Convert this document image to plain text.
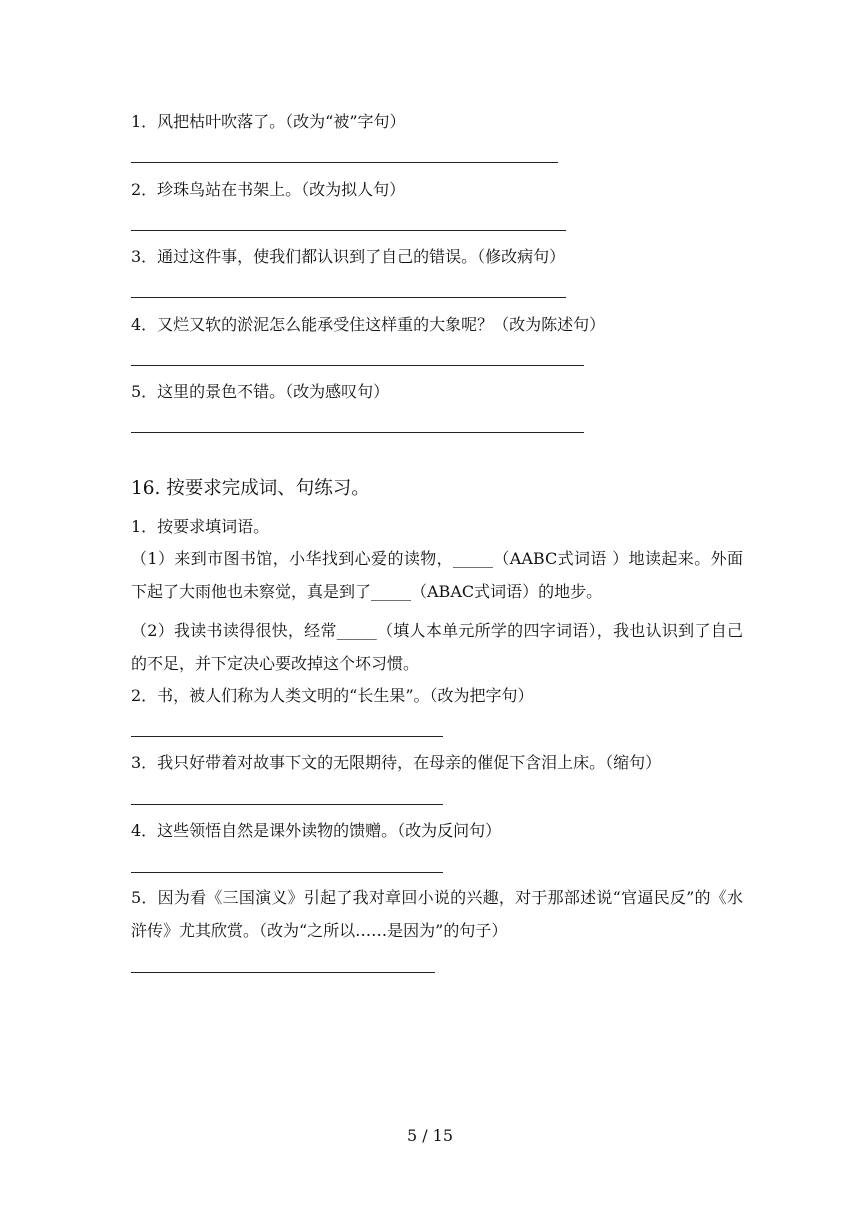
1．风把枯叶吹落了。（改为“被”字句）
2．珍珠鸟站在书架上。（改为拟人句）
3．通过这件事，使我们都认识到了自己的错误。（修改病句）
4．又烂又软的淤泥怎么能承受住这样重的大象呢？（改为陈述句）
5．这里的景色不错。（改为感叹句）
16. 按要求完成词、句练习。
1．按要求填词语。
（1）来到市图书馆，小华找到心爱的读物，_____（AABC式词语 ）地读起来。外面下起了大雨他也未察觉，真是到了_____（ABAC式词语）的地步。
（2）我读书读得很快，经常_____（填人本单元所学的四字词语），我也认识到了自己的不足，并下定决心要改掉这个坏习惯。
2．书，被人们称为人类文明的“长生果”。（改为把字句）
3．我只好带着对故事下文的无限期待，在母亲的催促下含泪上床。（缩句）
4．这些领悟自然是课外读物的馈赠。（改为反问句）
5．因为看《三国演义》引起了我对章回小说的兴趣，对于那部述说“官逼民反”的《水浒传》尤其欣赏。（改为“之所以……是因为”的句子）
5 / 15
